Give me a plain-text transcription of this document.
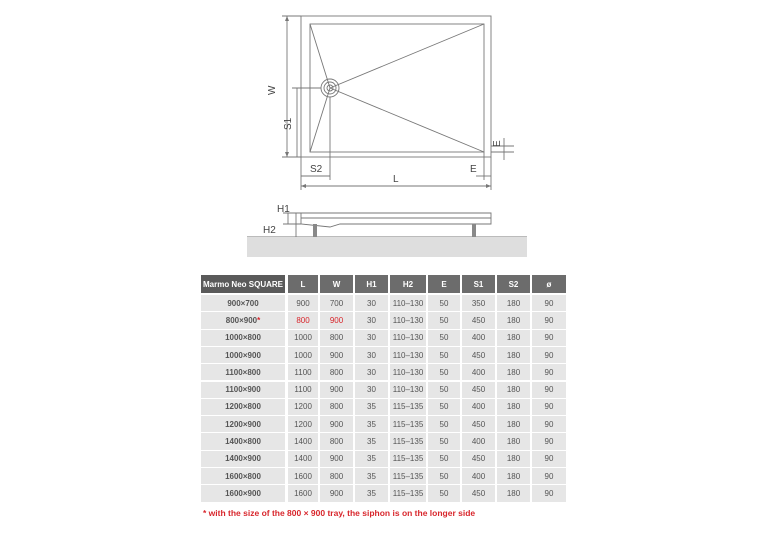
W
S1
S2
L
E
E
H1
H2
Marmo Neo SQUARE	L	W	H1	H2	E	S1	S2	ø
900×700	900	700	30	110–130	50	350	180	90
800×900 *	800	900	30	110–130	50	450	180	90
1000×800	1000	800	30	110–130	50	400	180	90
1000×900	1000	900	30	110–130	50	450	180	90
1100×800	1100	800	30	110–130	50	400	180	90
1100×900	1100	900	30	110–130	50	450	180	90
1200×800	1200	800	35	115–135	50	400	180	90
1200×900	1200	900	35	115–135	50	450	180	90
1400×800	1400	800	35	115–135	50	400	180	90
1400×900	1400	900	35	115–135	50	450	180	90
1600×800	1600	800	35	115–135	50	400	180	90
1600×900	1600	900	35	115–135	50	450	180	90
* with the size of the 800 × 900 tray, the siphon is on the longer side
